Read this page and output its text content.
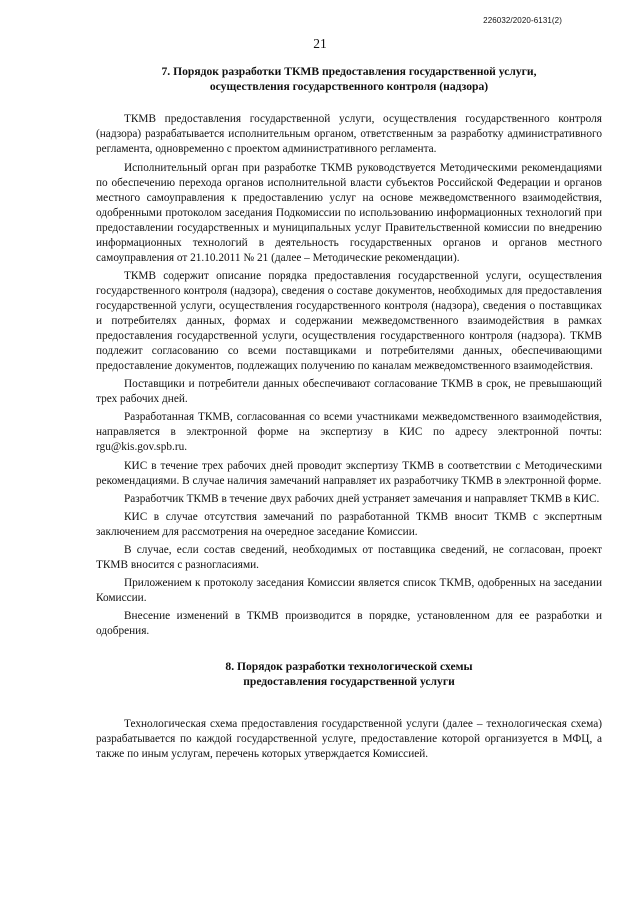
226032/2020-6131(2)
21
7. Порядок разработки ТКМВ предоставления государственной услуги,
осуществления государственного контроля (надзора)

ТКМВ предоставления государственной услуги, осуществления государственного контроля (надзора) разрабатывается исполнительным органом, ответственным за разработку административного регламента, одновременно с проектом административного регламента.

Исполнительный орган при разработке ТКМВ руководствуется Методическими рекомендациями по обеспечению перехода органов исполнительной власти субъектов Российской Федерации и органов местного самоуправления к предоставлению услуг на основе межведомственного взаимодействия, одобренными протоколом заседания Подкомиссии по использованию информационных технологий при предоставлении государственных и муниципальных услуг Правительственной комиссии по внедрению информационных технологий в деятельность государственных органов и органов местного самоуправления от 21.10.2011 № 21 (далее – Методические рекомендации).

ТКМВ содержит описание порядка предоставления государственной услуги, осуществления государственного контроля (надзора), сведения о составе документов, необходимых для предоставления государственной услуги, осуществления государственного контроля (надзора), сведения о поставщиках и потребителях данных, формах и содержании межведомственного взаимодействия в рамках предоставления государственной услуги, осуществления государственного контроля (надзора). ТКМВ подлежит согласованию со всеми поставщиками и потребителями данных, обеспечивающими предоставление документов, подлежащих получению по каналам межведомственного взаимодействия.

Поставщики и потребители данных обеспечивают согласование ТКМВ в срок, не превышающий трех рабочих дней.

Разработанная ТКМВ, согласованная со всеми участниками межведомственного взаимодействия, направляется в электронной форме на экспертизу в КИС по адресу электронной почты: rgu@kis.gov.spb.ru.

КИС в течение трех рабочих дней проводит экспертизу ТКМВ в соответствии с Методическими рекомендациями. В случае наличия замечаний направляет их разработчику ТКМВ в электронной форме.

Разработчик ТКМВ в течение двух рабочих дней устраняет замечания и направляет ТКМВ в КИС.

КИС в случае отсутствия замечаний по разработанной ТКМВ вносит ТКМВ с экспертным заключением для рассмотрения на очередное заседание Комиссии.

В случае, если состав сведений, необходимых от поставщика сведений, не согласован, проект ТКМВ вносится с разногласиями.

Приложением к протоколу заседания Комиссии является список ТКМВ, одобренных на заседании Комиссии.

Внесение изменений в ТКМВ производится в порядке, установленном для ее разработки и одобрения.

8. Порядок разработки технологической схемы
предоставления государственной услуги

Технологическая схема предоставления государственной услуги (далее – технологическая схема) разрабатывается по каждой государственной услуге, предоставление которой организуется в МФЦ, а также по иным услугам, перечень которых утверждается Комиссией.
